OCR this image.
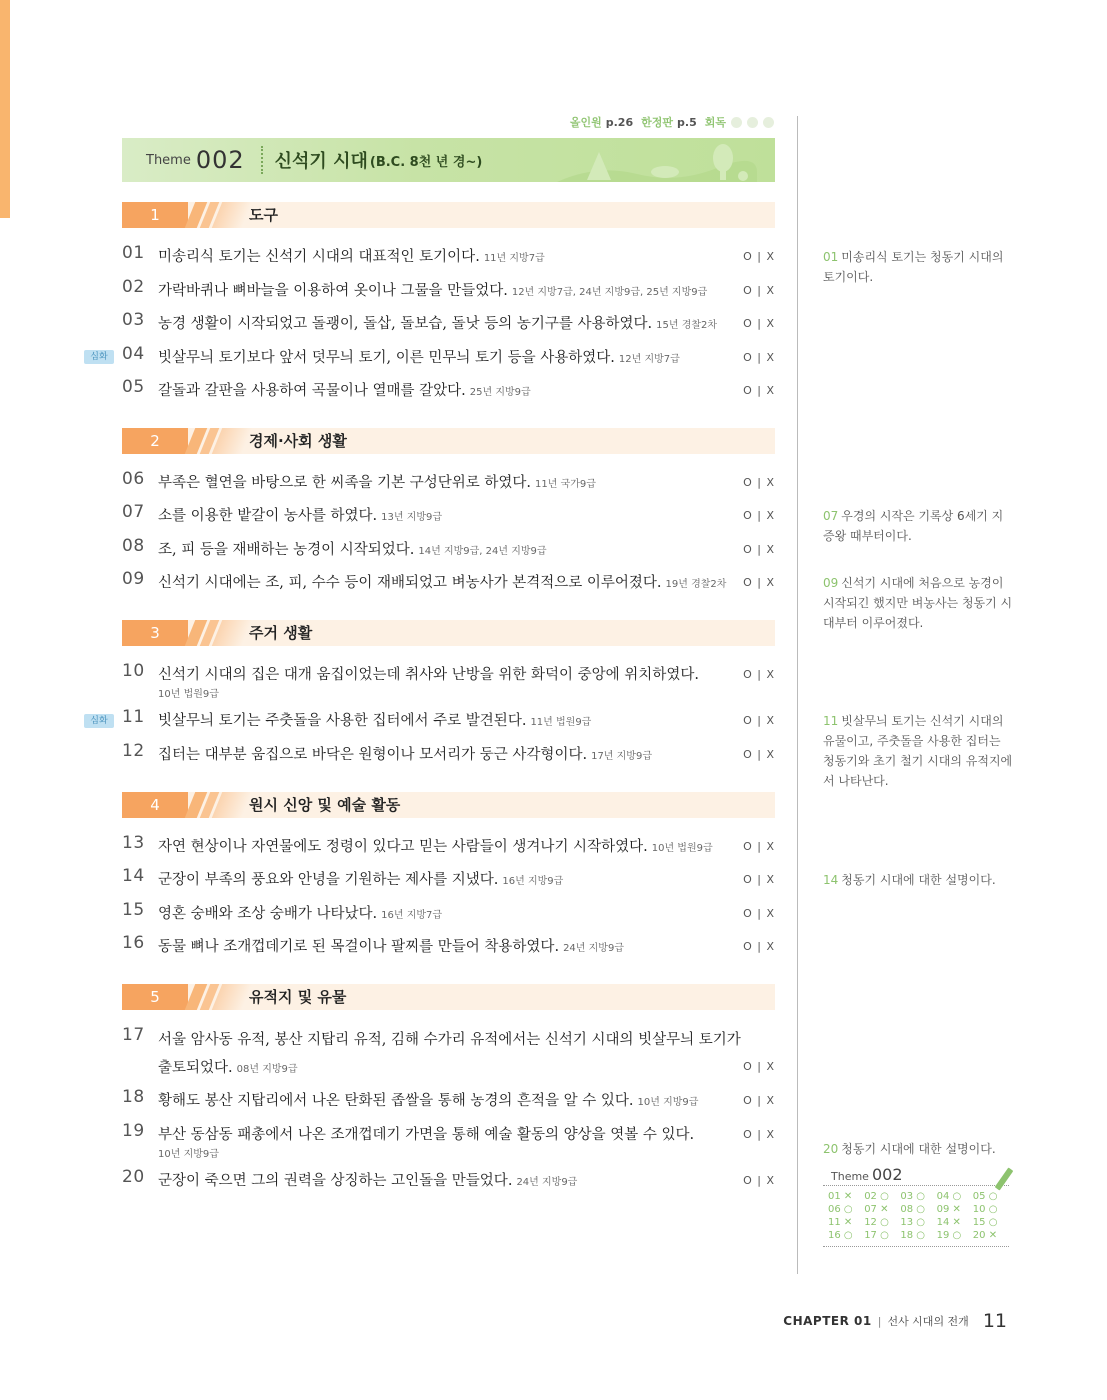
올인원 p.26 한정판 p.5 회독
Theme 002 신석기 시대 (B.C. 8천 년 경~)
1	도구
2	경제·사회 생활
3	주거 생활
4	원시 신앙 및 예술 활동
5	유적지 및 유물
심화
심화
01 미송리식 토기는 신석기 시대의 대표적인 토기이다. 11년 지방7급	O | X
02 가락바퀴나 뼈바늘을 이용하여 옷이나 그물을 만들었다. 12년 지방7급, 24년 지방9급, 25년 지방9급	O | X
03 농경 생활이 시작되었고 돌괭이, 돌삽, 돌보습, 돌낫 등의 농기구를 사용하였다. 15년 경찰2차	O | X
04 빗살무늬 토기보다 앞서 덧무늬 토기, 이른 민무늬 토기 등을 사용하였다. 12년 지방7급	O | X
05 갈돌과 갈판을 사용하여 곡물이나 열매를 갈았다. 25년 지방9급	O | X
06 부족은 혈연을 바탕으로 한 씨족을 기본 구성단위로 하였다. 11년 국가9급	O | X
07 소를 이용한 밭갈이 농사를 하였다. 13년 지방9급	O | X
08 조, 피 등을 재배하는 농경이 시작되었다. 14년 지방9급, 24년 지방9급	O | X
09 신석기 시대에는 조, 피, 수수 등이 재배되었고 벼농사가 본격적으로 이루어졌다. 19년 경찰2차	O | X
10 신석기 시대의 집은 대개 움집이었는데 취사와 난방을 위한 화덕이 중앙에 위치하였다.
10년 법원9급
O | X
11 빗살무늬 토기는 주춧돌을 사용한 집터에서 주로 발견된다. 11년 법원9급	O | X
12 집터는 대부분 움집으로 바닥은 원형이나 모서리가 둥근 사각형이다. 17년 지방9급	O | X
13 자연 현상이나 자연물에도 정령이 있다고 믿는 사람들이 생겨나기 시작하였다. 10년 법원9급	O | X
14 군장이 부족의 풍요와 안녕을 기원하는 제사를 지냈다. 16년 지방9급	O | X
15 영혼 숭배와 조상 숭배가 나타났다. 16년 지방7급	O | X
16 동물 뼈나 조개껍데기로 된 목걸이나 팔찌를 만들어 착용하였다. 24년 지방9급	O | X
17 서울 암사동 유적, 봉산 지탑리 유적, 김해 수가리 유적에서는 신석기 시대의 빗살무늬 토기가 출토되었다. 08년 지방9급	O | X
18 황해도 봉산 지탑리에서 나온 탄화된 좁쌀을 통해 농경의 흔적을 알 수 있다. 10년 지방9급	O | X
19 부산 동삼동 패총에서 나온 조개껍데기 가면을 통해 예술 활동의 양상을 엿볼 수 있다.
10년 지방9급
O | X
20 군장이 죽으면 그의 권력을 상징하는 고인돌을 만들었다. 24년 지방9급	O | X
01 미송리식 토기는 청동기 시대의 토기이다.
07 우경의 시작은 기록상 6세기 지증왕 때부터이다.
09 신석기 시대에 처음으로 농경이 시작되긴 했지만 벼농사는 청동기 시대부터 이루어졌다.
11 빗살무늬 토기는 신석기 시대의 유물이고, 주춧돌을 사용한 집터는 청동기와 초기 철기 시대의 유적지에서 나타난다.
14 청동기 시대에 대한 설명이다.
20 청동기 시대에 대한 설명이다.
Theme 002
01 ✕	02 ○	03 ○	04 ○	05 ○
06 ○	07 ✕	08 ○	09 ✕	10 ○
11 ✕	12 ○	13 ○	14 ✕	15 ○
16 ○	17 ○	18 ○	19 ○	20 ✕
CHAPTER 01 | 선사 시대의 전개 11
